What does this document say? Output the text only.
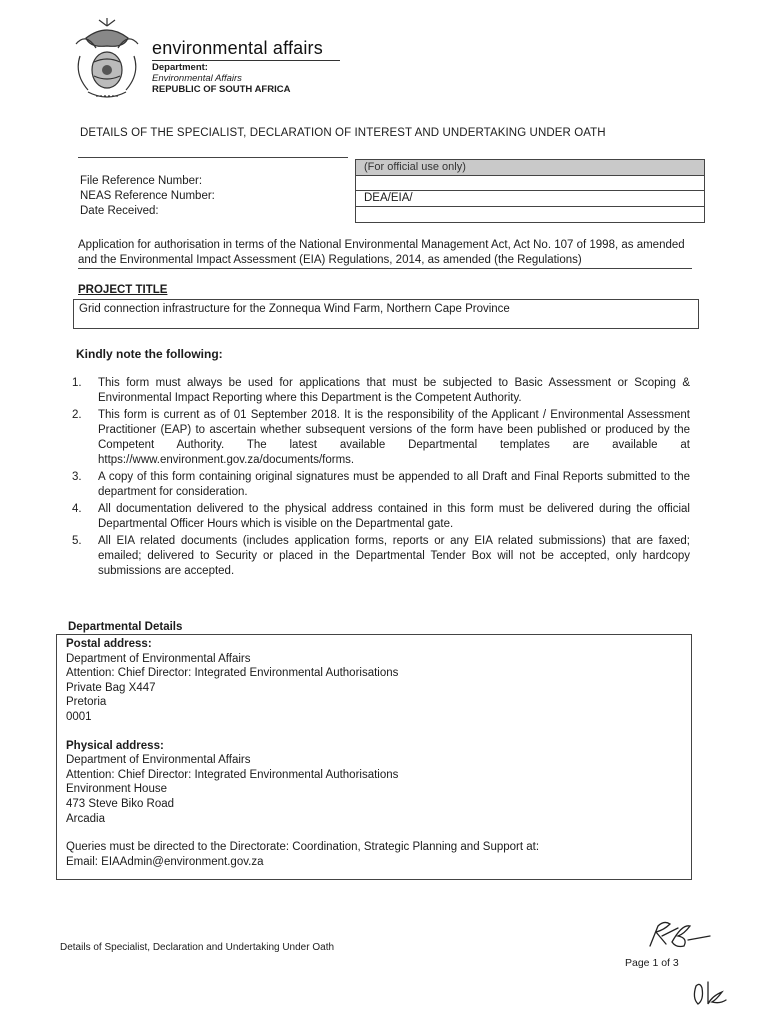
environmental affairs
Department:
Environmental Affairs
REPUBLIC OF SOUTH AFRICA
DETAILS OF THE SPECIALIST, DECLARATION OF INTEREST AND UNDERTAKING UNDER OATH
File Reference Number:
NEAS Reference Number:
Date Received:
(For official use only)
DEA/EIA/
Application for authorisation in terms of the National Environmental Management Act, Act No. 107 of 1998, as amended and the Environmental Impact Assessment (EIA) Regulations, 2014, as amended (the Regulations)
PROJECT TITLE
Grid connection infrastructure for the Zonnequa Wind Farm, Northern Cape Province
Kindly note the following:
1. This form must always be used for applications that must be subjected to Basic Assessment or Scoping & Environmental Impact Reporting where this Department is the Competent Authority.
2. This form is current as of 01 September 2018. It is the responsibility of the Applicant / Environmental Assessment Practitioner (EAP) to ascertain whether subsequent versions of the form have been published or produced by the Competent Authority. The latest available Departmental templates are available at https://www.environment.gov.za/documents/forms.
3. A copy of this form containing original signatures must be appended to all Draft and Final Reports submitted to the department for consideration.
4. All documentation delivered to the physical address contained in this form must be delivered during the official Departmental Officer Hours which is visible on the Departmental gate.
5. All EIA related documents (includes application forms, reports or any EIA related submissions) that are faxed; emailed; delivered to Security or placed in the Departmental Tender Box will not be accepted, only hardcopy submissions are accepted.
Departmental Details
Postal address:
Department of Environmental Affairs
Attention: Chief Director: Integrated Environmental Authorisations
Private Bag X447
Pretoria
0001
Physical address:
Department of Environmental Affairs
Attention: Chief Director: Integrated Environmental Authorisations
Environment House
473 Steve Biko Road
Arcadia
Queries must be directed to the Directorate: Coordination, Strategic Planning and Support at:
Email: EIAAdmin@environment.gov.za
Details of Specialist, Declaration and Undertaking Under Oath
Page 1 of 3
